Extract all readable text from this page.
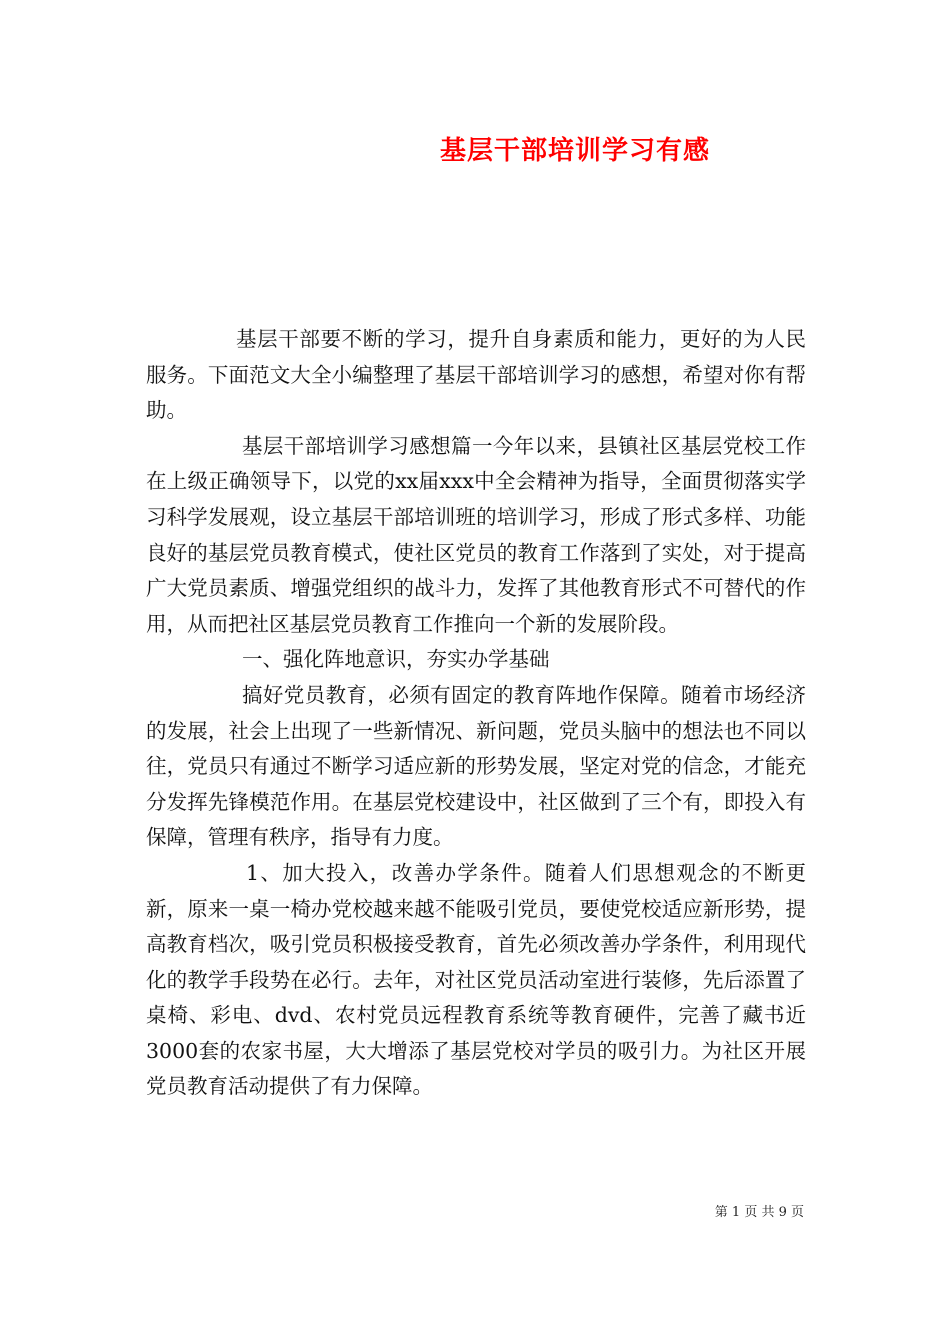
基层干部培训学习有感

基层干部要不断的学习，提升自身素质和能力，更好的为人民服务。下面范文大全小编整理了基层干部培训学习的感想，希望对你有帮助。

基层干部培训学习感想篇一今年以来，县镇社区基层党校工作在上级正确领导下，以党的xx届xxx中全会精神为指导，全面贯彻落实学习科学发展观，设立基层干部培训班的培训学习，形成了形式多样、功能良好的基层党员教育模式，使社区党员的教育工作落到了实处，对于提高广大党员素质、增强党组织的战斗力，发挥了其他教育形式不可替代的作用，从而把社区基层党员教育工作推向一个新的发展阶段。

一、强化阵地意识，夯实办学基础

搞好党员教育，必须有固定的教育阵地作保障。随着市场经济的发展，社会上出现了一些新情况、新问题，党员头脑中的想法也不同以往，党员只有通过不断学习适应新的形势发展，坚定对党的信念，才能充分发挥先锋模范作用。在基层党校建设中，社区做到了三个有，即投入有保障，管理有秩序，指导有力度。

1、加大投入，改善办学条件。随着人们思想观念的不断更新，原来一桌一椅办党校越来越不能吸引党员，要使党校适应新形势，提高教育档次，吸引党员积极接受教育，首先必须改善办学条件，利用现代化的教学手段势在必行。去年，对社区党员活动室进行装修，先后添置了桌椅、彩电、dvd、农村党员远程教育系统等教育硬件，完善了藏书近3000套的农家书屋，大大增添了基层党校对学员的吸引力。为社区开展党员教育活动提供了有力保障。

第 1 页 共 9 页
